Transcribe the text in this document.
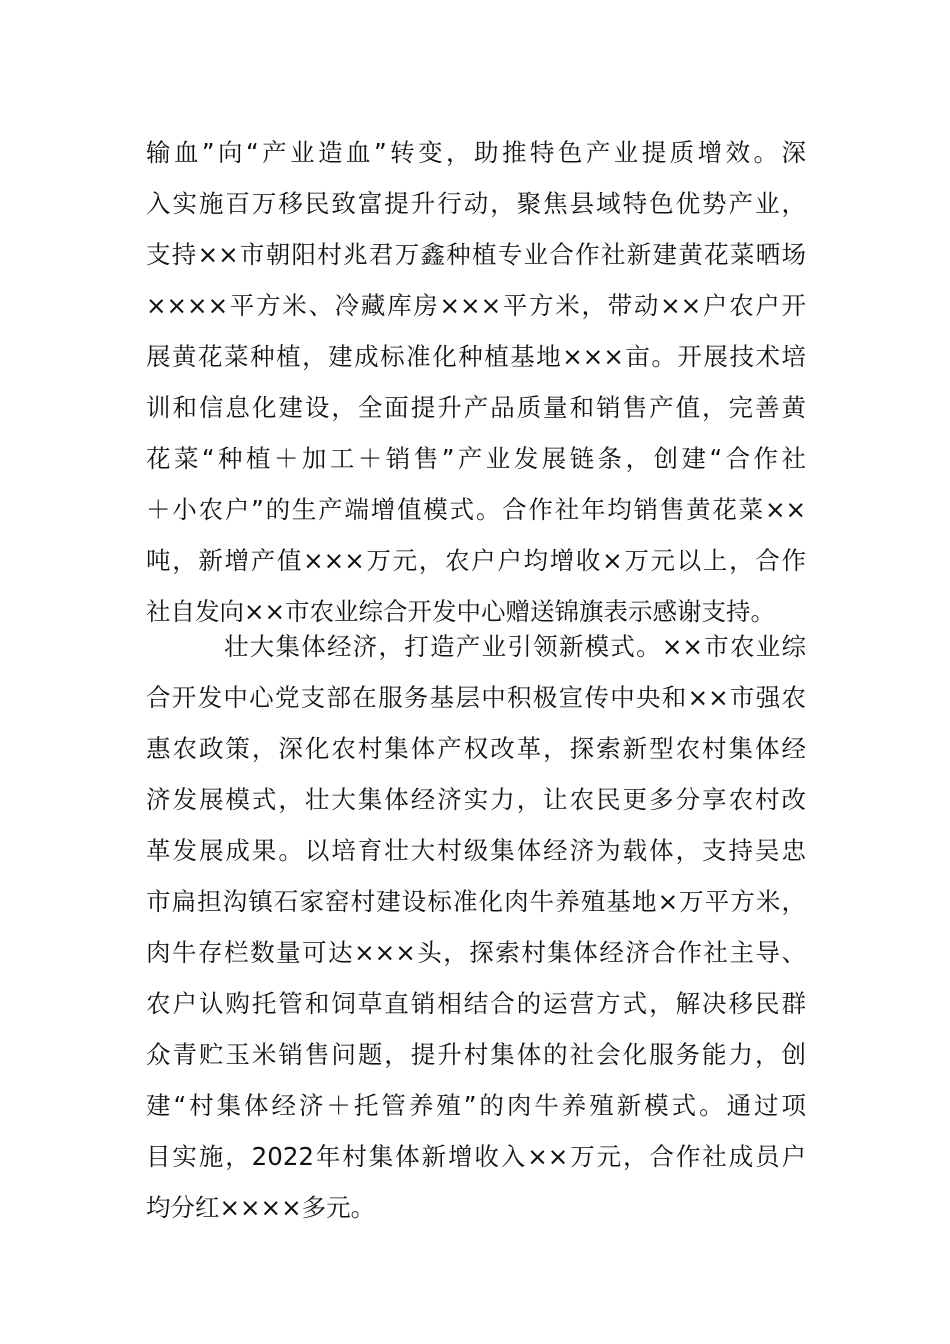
输血”向“产业造血”转变，助推特色产业提质增效。深
入实施百万移民致富提升行动，聚焦县域特色优势产业，
支持××市朝阳村兆君万鑫种植专业合作社新建黄花菜晒场
××××平方米、冷藏库房×××平方米，带动××户农户开
展黄花菜种植，建成标准化种植基地×××亩。开展技术培
训和信息化建设，全面提升产品质量和销售产值，完善黄
花菜“种植＋加工＋销售”产业发展链条，创建“合作社
＋小农户”的生产端增值模式。合作社年均销售黄花菜××
吨，新增产值×××万元，农户户均增收×万元以上，合作
社自发向××市农业综合开发中心赠送锦旗表示感谢支持。
壮大集体经济，打造产业引领新模式。××市农业综
合开发中心党支部在服务基层中积极宣传中央和××市强农
惠农政策，深化农村集体产权改革，探索新型农村集体经
济发展模式，壮大集体经济实力，让农民更多分享农村改
革发展成果。以培育壮大村级集体经济为载体，支持吴忠
市扁担沟镇石家窑村建设标准化肉牛养殖基地×万平方米，
肉牛存栏数量可达×××头，探索村集体经济合作社主导、
农户认购托管和饲草直销相结合的运营方式，解决移民群
众青贮玉米销售问题，提升村集体的社会化服务能力，创
建“村集体经济＋托管养殖”的肉牛养殖新模式。通过项
目实施，2022年村集体新增收入××万元，合作社成员户
均分红××××多元。
